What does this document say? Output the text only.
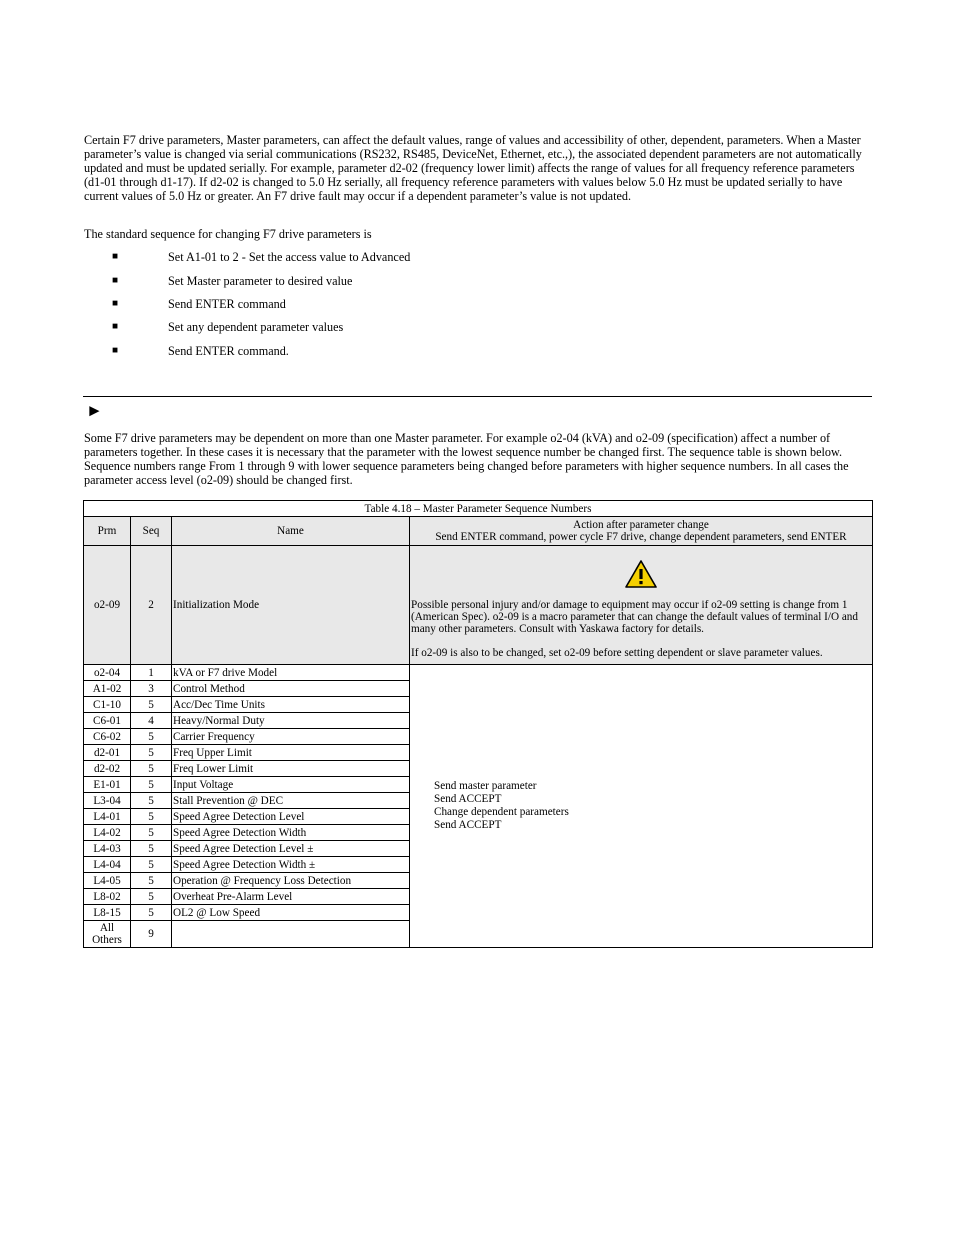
Certain F7 drive parameters, Master parameters, can affect the default values, range of values and accessibility of other, dependent, parameters. When a Master parameter’s value is changed via serial communications (RS232, RS485, DeviceNet, Ethernet, etc.,), the associated dependent parameters are not automatically updated and must be updated serially. For example, parameter d2-02 (frequency lower limit) affects the range of values for all frequency reference parameters (d1-01 through d1-17). If d2-02 is changed to 5.0 Hz serially, all frequency reference parameters with values below 5.0 Hz must be updated serially to have current values of 5.0 Hz or greater. An F7 drive fault may occur if a dependent parameter’s value is not updated.

The standard sequence for changing F7 drive parameters is

■	Set A1-01 to 2 - Set the access value to Advanced
■	Set Master parameter to desired value
■	Send ENTER command
■	Set any dependent parameter values
■	Send ENTER command.
►

Some F7 drive parameters may be dependent on more than one Master parameter. For example o2-04 (kVA) and o2-09 (specification) affect a number of parameters together. In these cases it is necessary that the parameter with the lowest sequence number be changed first. The sequence table is shown below. Sequence numbers range From 1 through 9 with lower sequence parameters being changed before parameters with higher sequence numbers. In all cases the parameter access level (o2-09) should be changed first.

Table 4.18 – Master Parameter Sequence Numbers			
Prm	Seq	Name	Action after parameter change
Send ENTER command, power cycle F7 drive, change dependent parameters, send ENTER

o2-09	2	Initialization Mode	Possible personal injury and/or damage to equipment may occur if o2-09 setting is change from 1 (American Spec). o2-09 is a macro parameter that can change the default values of terminal I/O and many other parameters. Consult with Yaskawa factory for details.

If o2-09 is also to be changed, set o2-09 before setting dependent or slave parameter values.

o2-04	1	kVA or F7 drive Model	Send master parameter
Send ACCEPT
Change dependent parameters
Send ACCEPT

A1-02	3	Control Method	
C1-10	5	Acc/Dec Time Units	
C6-01	4	Heavy/Normal Duty	
C6-02	5	Carrier Frequency	
d2-01	5	Freq Upper Limit	
d2-02	5	Freq Lower Limit	
E1-01	5	Input Voltage	
L3-04	5	Stall Prevention @ DEC	
L4-01	5	Speed Agree Detection Level	
L4-02	5	Speed Agree Detection Width	
L4-03	5	Speed Agree Detection Level ±	
L4-04	5	Speed Agree Detection Width ±	
L4-05	5	Operation @ Frequency Loss Detection	
L8-02	5	Overheat Pre-Alarm Level	
L8-15	5	OL2 @ Low Speed	

All
Others	9		
